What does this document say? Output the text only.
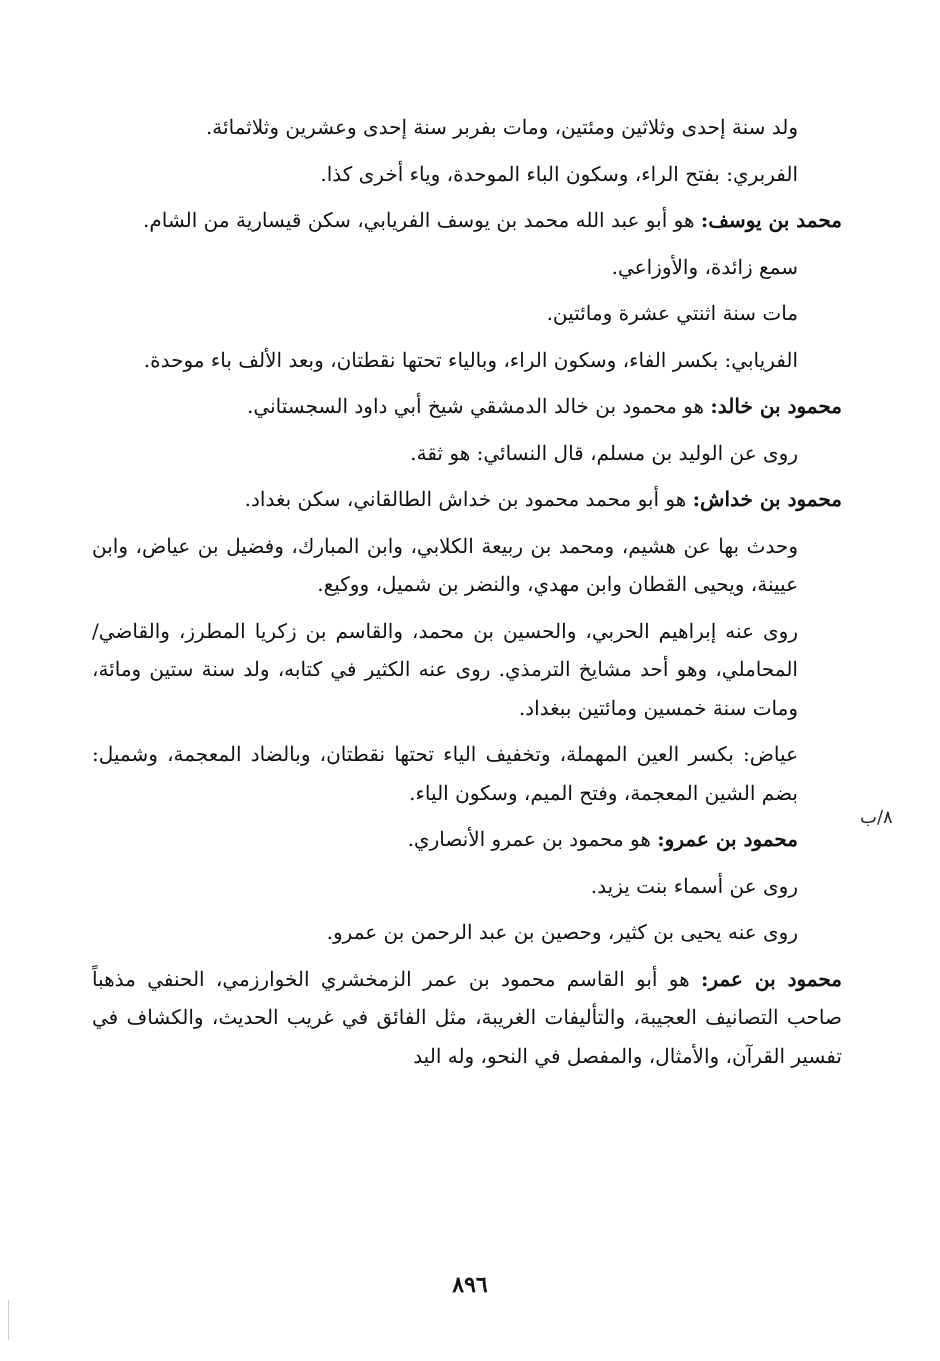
ولد سنة إحدى وثلاثين ومئتين، ومات بفربر سنة إحدى وعشرين وثلاثمائة.

الفربري: بفتح الراء، وسكون الباء الموحدة، وياء أخرى كذا.

محمد بن يوسف: هو أبو عبد الله محمد بن يوسف الفريابي، سكن قيسارية من الشام.

سمع زائدة، والأوزاعي.

مات سنة اثنتي عشرة ومائتين.

الفريابي: بكسر الفاء، وسكون الراء، وبالياء تحتها نقطتان، وبعد الألف باء موحدة.

محمود بن خالد: هو محمود بن خالد الدمشقي شيخ أبي داود السجستاني.

روى عن الوليد بن مسلم، قال النسائي: هو ثقة.

محمود بن خداش: هو أبو محمد محمود بن خداش الطالقاني، سكن بغداد.

وحدث بها عن هشيم، ومحمد بن ربيعة الكلابي، وابن المبارك، وفضيل بن عياض، وابن عيينة، ويحيى القطان وابن مهدي، والنضر بن شميل، ووكيع.

روى عنه إبراهيم الحربي، والحسين بن محمد، والقاسم بن زكريا المطرز، والقاضي/ المحاملي، وهو أحد مشايخ الترمذي. روى عنه الكثير في كتابه، ولد سنة ستين ومائة، ومات سنة خمسين ومائتين ببغداد.

عياض: بكسر العين المهملة، وتخفيف الياء تحتها نقطتان، وبالضاد المعجمة، وشميل: بضم الشين المعجمة، وفتح الميم، وسكون الياء.

محمود بن عمرو: هو محمود بن عمرو الأنصاري.

روى عن أسماء بنت يزيد.

روى عنه يحيى بن كثير، وحصين بن عبد الرحمن بن عمرو.

محمود بن عمر: هو أبو القاسم محمود بن عمر الزمخشري الخوارزمي، الحنفي مذهباً صاحب التصانيف العجيبة، والتأليفات الغريبة، مثل الفائق في غريب الحديث، والكشاف في تفسير القرآن، والأمثال، والمفصل في النحو، وله اليد

٨/ب
٨٩٦
